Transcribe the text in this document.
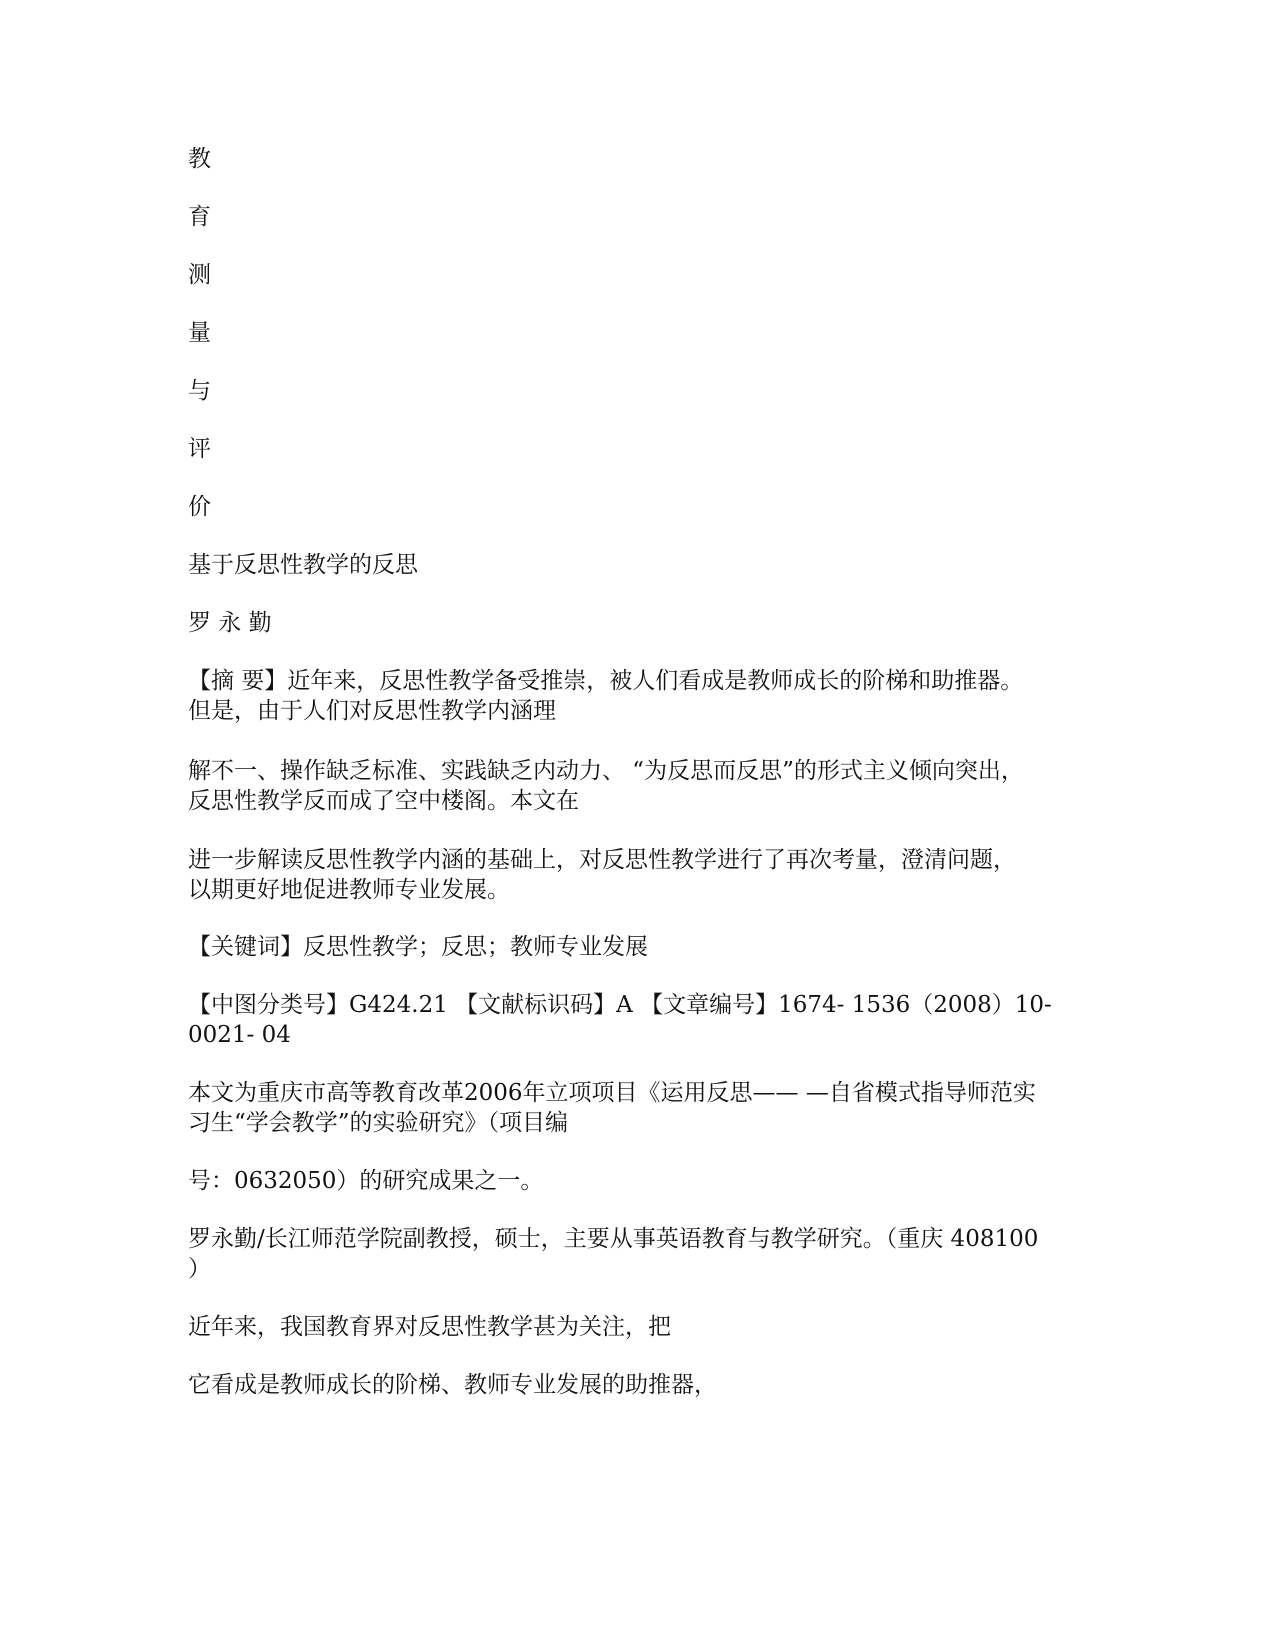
教

育

测

量

与

评

价

基于反思性教学的反思

罗 永 勤

【摘 要】近年来，反思性教学备受推崇，被人们看成是教师成长的阶梯和助推器。
但是，由于人们对反思性教学内涵理
解不一、操作缺乏标准、实践缺乏内动力、 “为反思而反思”的形式主义倾向突出，
反思性教学反而成了空中楼阁。本文在
进一步解读反思性教学内涵的基础上，对反思性教学进行了再次考量，澄清问题，
以期更好地促进教师专业发展。

【关键词】反思性教学；反思；教师专业发展

【中图分类号】G424.21 【文献标识码】A 【文章编号】1674- 1536（2008）10-
0021- 04
本文为重庆市高等教育改革2006年立项项目《运用反思—— —自省模式指导师范实
习生“学会教学”的实验研究》（项目编

号：0632050）的研究成果之一。

罗永勤/长江师范学院副教授，硕士，主要从事英语教育与教学研究。（重庆 408100
）

近年来，我国教育界对反思性教学甚为关注，把

它看成是教师成长的阶梯、教师专业发展的助推器，
